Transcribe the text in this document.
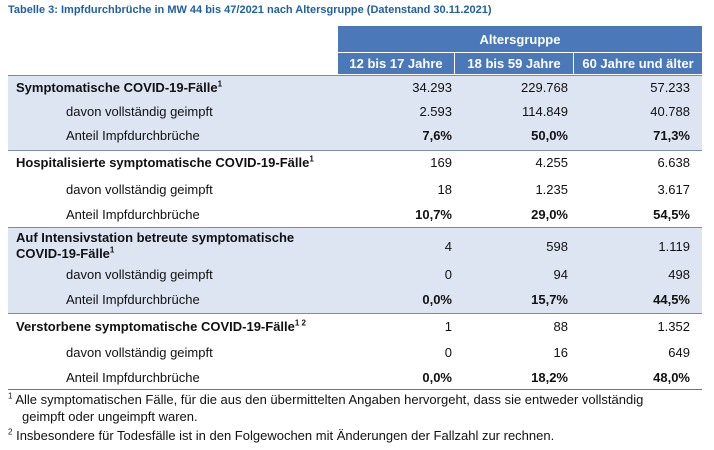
Tabelle 3: Impfdurchbrüche in MW 44 bis 47/2021 nach Altersgruppe (Datenstand 30.11.2021)
Altersgruppe
12 bis 17 Jahre	18 bis 59 Jahre	60 Jahre und älter
Symptomatische COVID-19-Fälle$^1$	34.293	229.768	57.233
davon vollständig geimpft	2.593	114.849	40.788
Anteil Impfdurchbrüche	7,6%	50,0%	71,3%
Hospitalisierte symptomatische COVID-19-Fälle$^1$	169	4.255	6.638
davon vollständig geimpft	18	1.235	3.617
Anteil Impfdurchbrüche	10,7%	29,0%	54,5%
Auf Intensivstation betreute symptomatische COVID-19-Fälle$^1$	4	598	1.119
davon vollständig geimpft	0	94	498
Anteil Impfdurchbrüche	0,0%	15,7%	44,5%
Verstorbene symptomatische COVID-19-Fälle$^{1 2}$	1	88	1.352
davon vollständig geimpft	0	16	649
Anteil Impfdurchbrüche	0,0%	18,2%	48,0%
$^1$ Alle symptomatischen Fälle, für die aus den übermittelten Angaben hervorgeht, dass sie entweder vollständig
geimpft oder ungeimpft waren.
$^2$ Insbesondere für Todesfälle ist in den Folgewochen mit Änderungen der Fallzahl zur rechnen.
